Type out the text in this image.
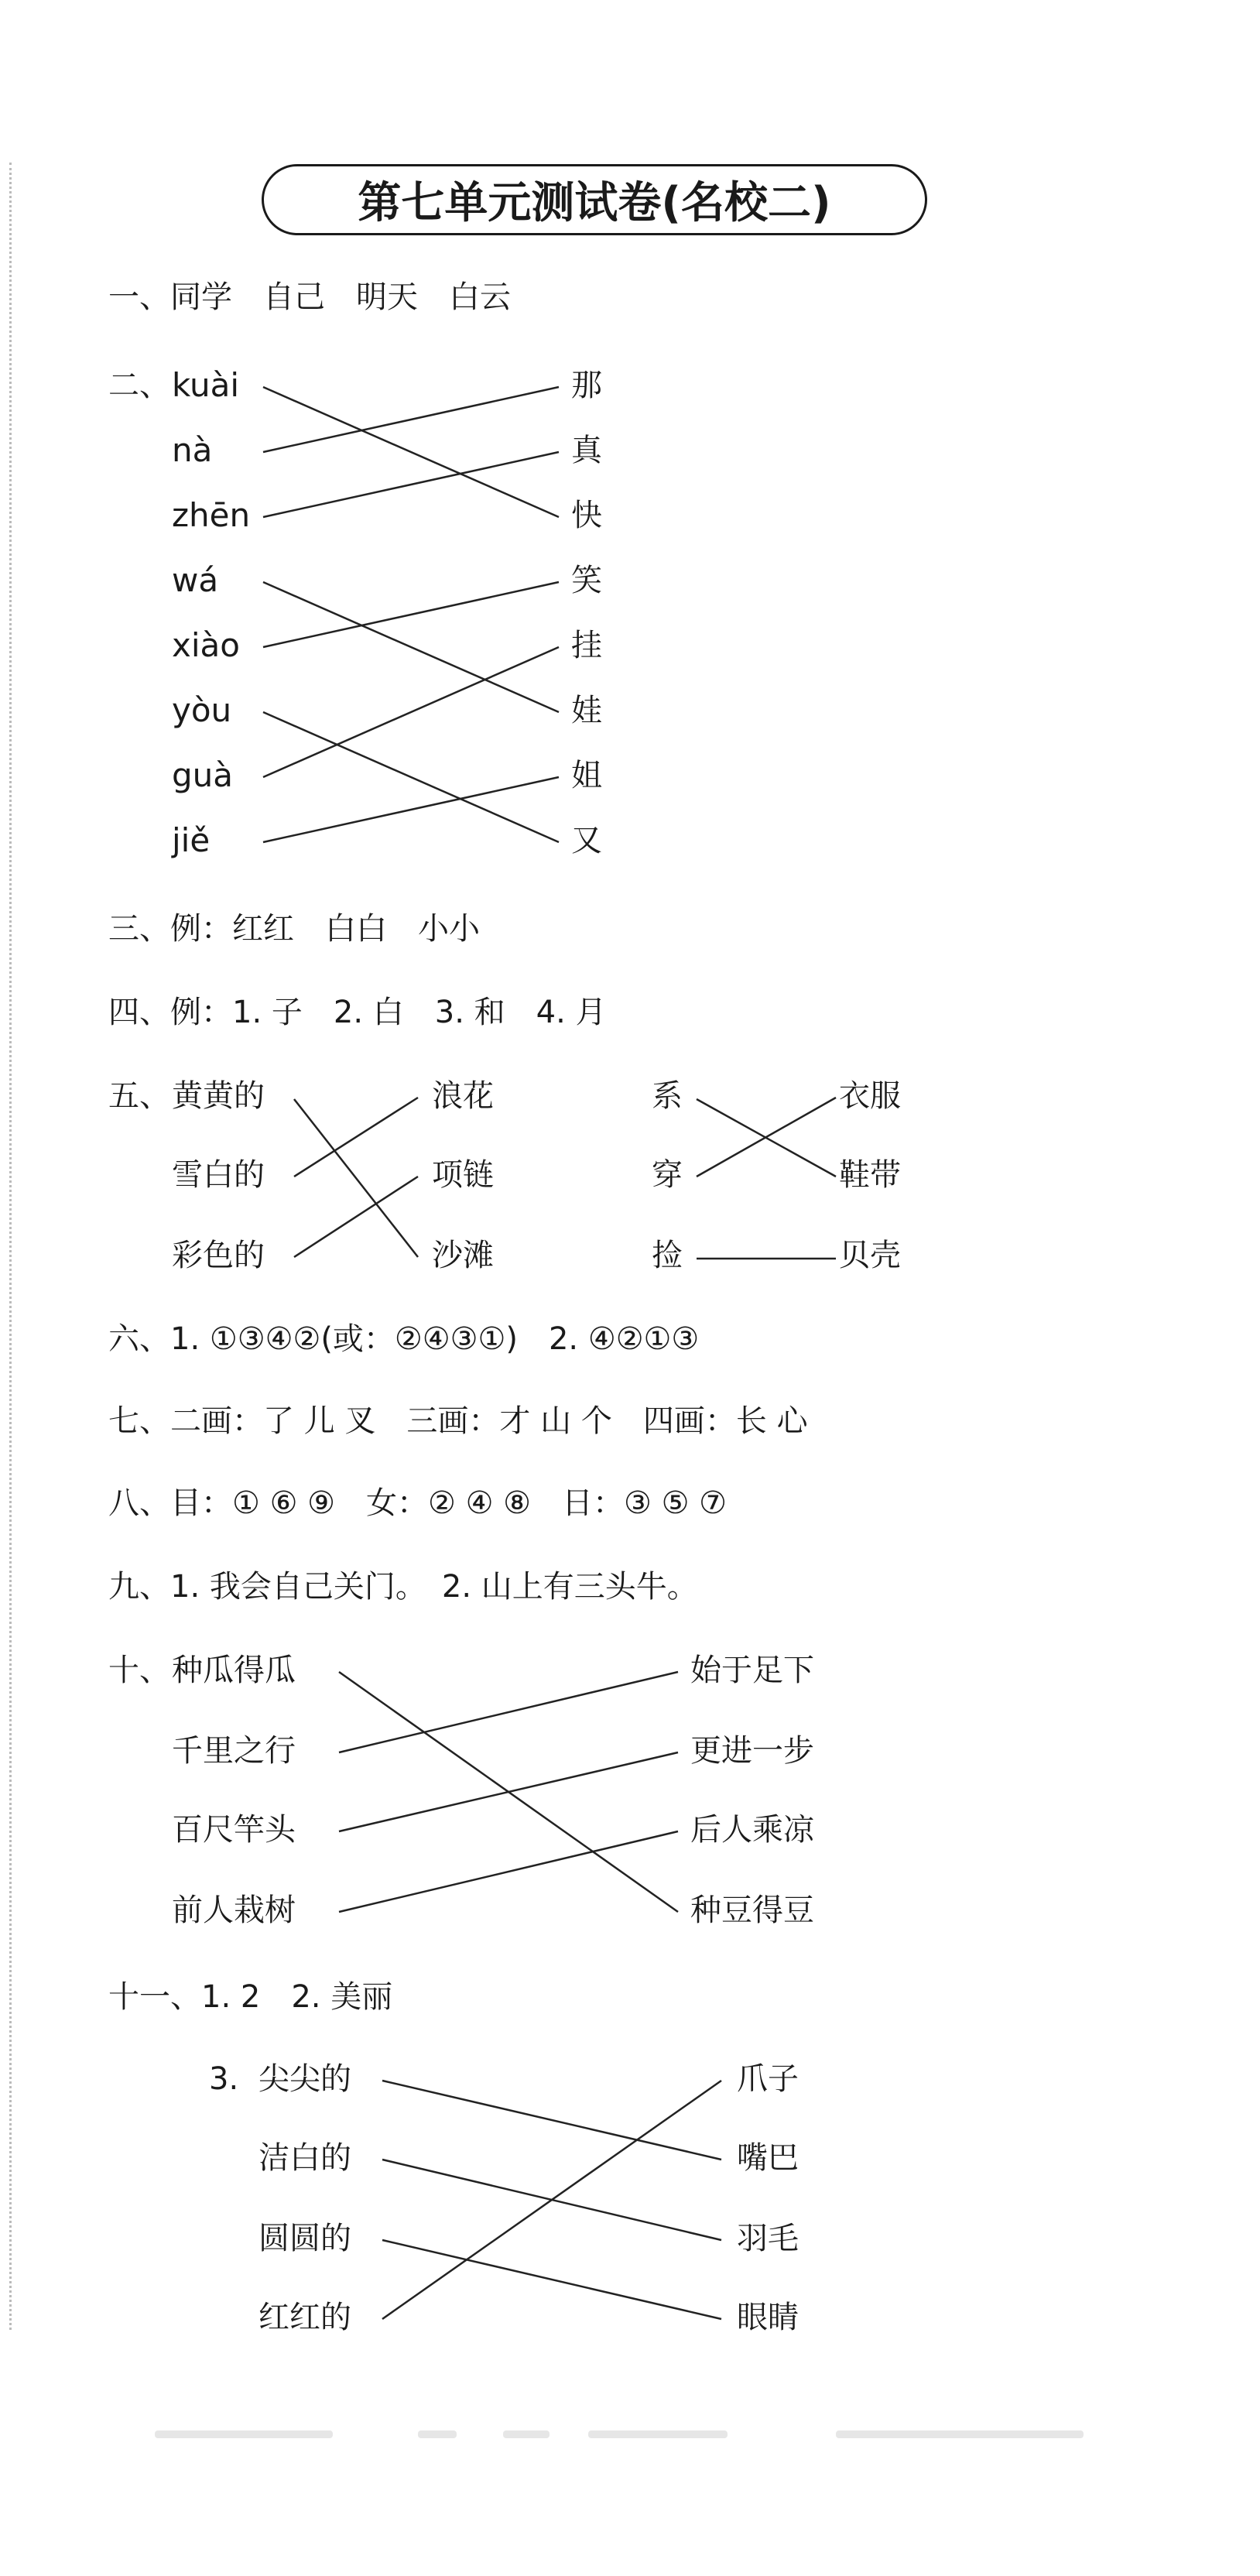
第七单元测试卷(名校二)
一、同学　自己　明天　白云
二、 kuài
nà
zhēn
wá
xiào
yòu
guà
jiě
那
真
快
笑
挂
娃
姐
又
三、例：红红　白白　小小
四、例：1. 子　2. 白　3. 和　4. 月
五、 黄黄的
雪白的
彩色的
浪花
项链
沙滩
系
穿
捡
衣服
鞋带
贝壳
六、1. ①③④②(或：②④③①)　2. ④②①③
七、二画：了 儿 叉　三画：才 山 个　四画：长 心
八、目：① ⑥ ⑨　女：② ④ ⑧　日：③ ⑤ ⑦
九、1. 我会自己关门。　2. 山上有三头牛。
十、 种瓜得瓜
千里之行
百尺竿头
前人栽树
始于足下
更进一步
后人乘凉
种豆得豆
十一、1. 2　2. 美丽
3. 尖尖的
洁白的
圆圆的
红红的
爪子
嘴巴
羽毛
眼睛
